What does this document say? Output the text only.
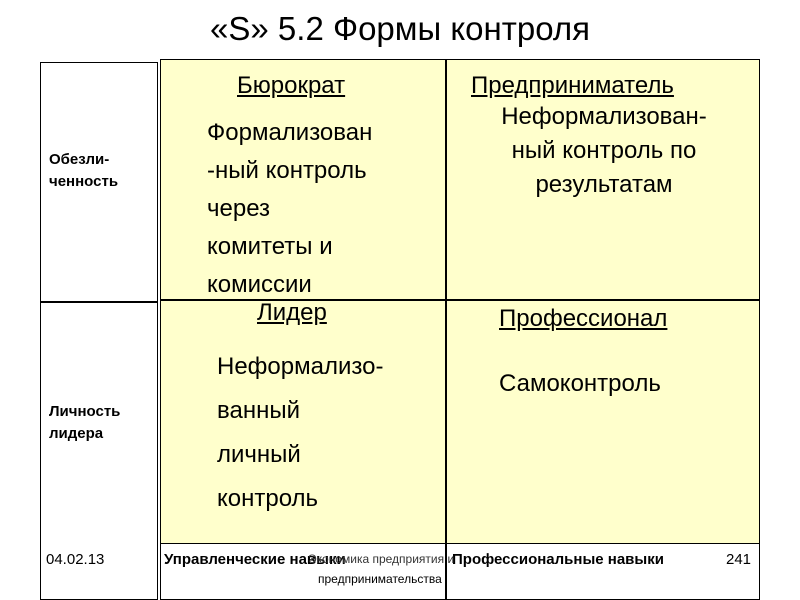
«S» 5.2 Формы контроля
Обезли-
ченность
Личность
лидера
Бюрократ
Формализован
-ный контроль
через
комитеты и
комиссии
Предприниматель
Неформализован-
ный контроль по
результатам
Лидер
Неформализо-
ванный
личный
контроль
Профессионал
Самоконтроль
04.02.13	Управленческие навыки	Профессиональные навыки
Экономика предприятия и
предпринимательства
241
